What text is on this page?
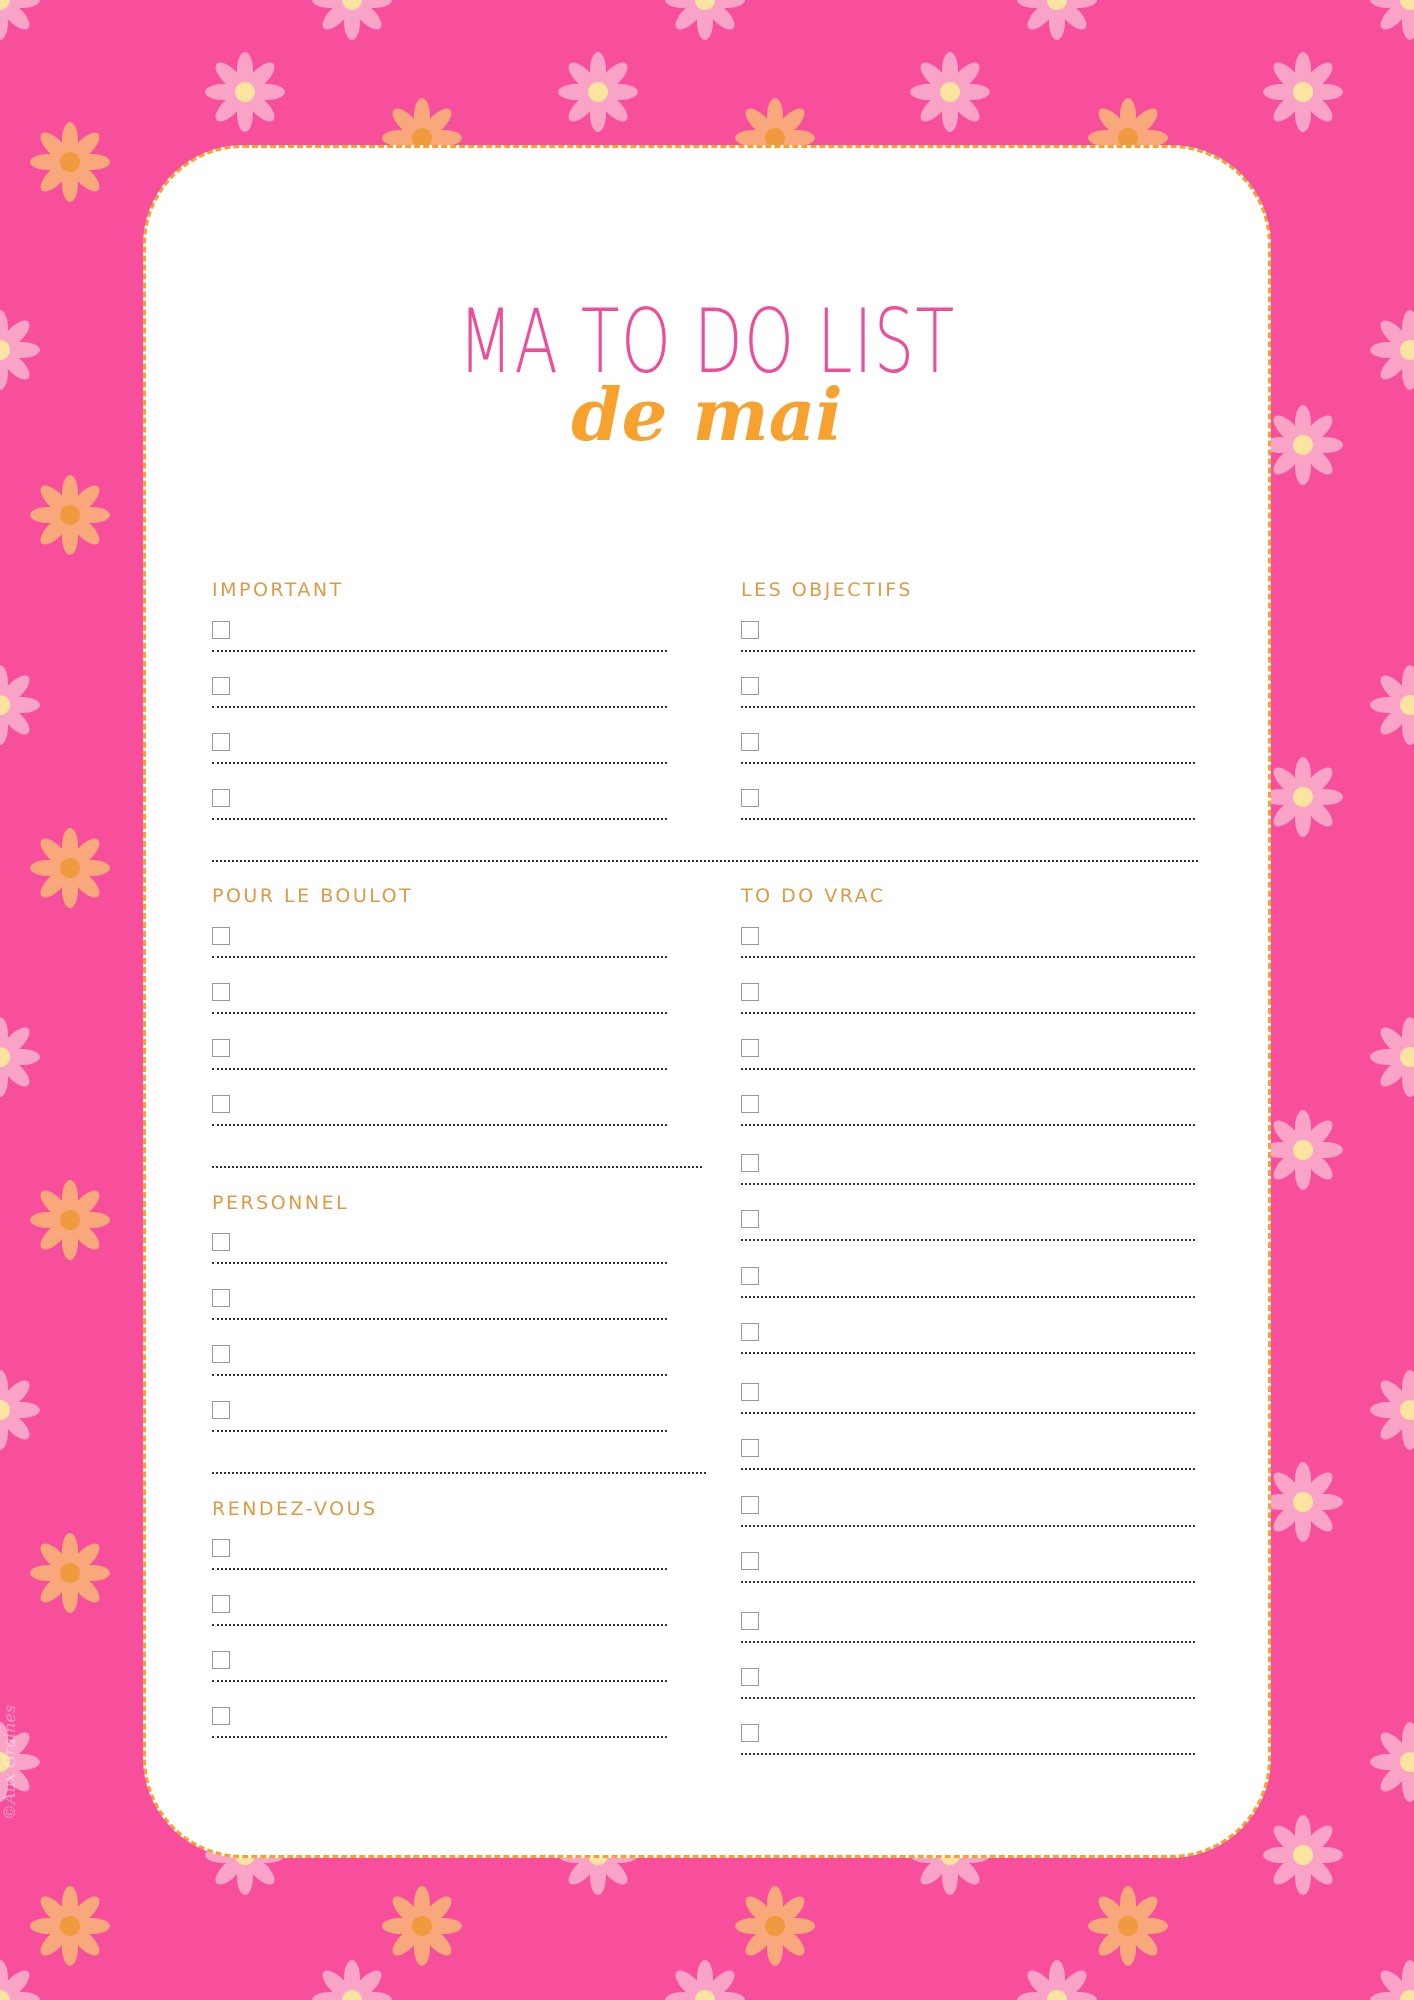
MA TO DO LIST
de mai
IMPORTANT	LES OBJECTIFS
POUR LE BOULOT
PERSONNEL
RENDEZ-VOUS
TO DO VRAC
©Aux Graines
